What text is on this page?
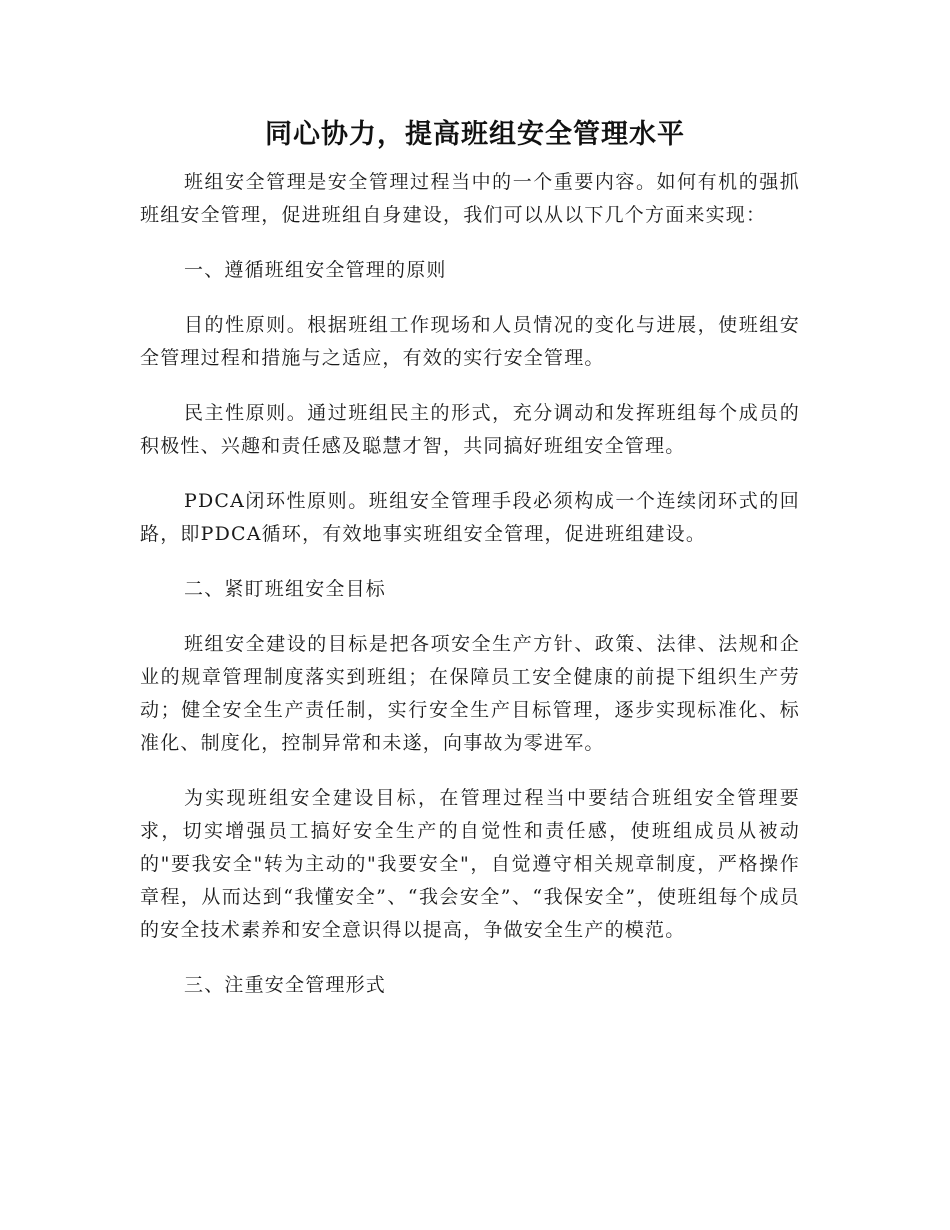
同心协力，提高班组安全管理水平

班组安全管理是安全管理过程当中的一个重要内容。如何有机的强抓班组安全管理，促进班组自身建设，我们可以从以下几个方面来实现：

一、遵循班组安全管理的原则

目的性原则。根据班组工作现场和人员情况的变化与进展，使班组安全管理过程和措施与之适应，有效的实行安全管理。

民主性原则。通过班组民主的形式，充分调动和发挥班组每个成员的积极性、兴趣和责任感及聪慧才智，共同搞好班组安全管理。

PDCA闭环性原则。班组安全管理手段必须构成一个连续闭环式的回路，即PDCA循环，有效地事实班组安全管理，促进班组建设。

二、紧盯班组安全目标

班组安全建设的目标是把各项安全生产方针、政策、法律、法规和企业的规章管理制度落实到班组；在保障员工安全健康的前提下组织生产劳动；健全安全生产责任制，实行安全生产目标管理，逐步实现标准化、标准化、制度化，控制异常和未遂，向事故为零进军。

为实现班组安全建设目标，在管理过程当中要结合班组安全管理要求，切实增强员工搞好安全生产的自觉性和责任感，使班组成员从被动的"要我安全"转为主动的"我要安全"，自觉遵守相关规章制度，严格操作章程，从而达到“我懂安全”、“我会安全”、“我保安全”，使班组每个成员的安全技术素养和安全意识得以提高，争做安全生产的模范。

三、注重安全管理形式
